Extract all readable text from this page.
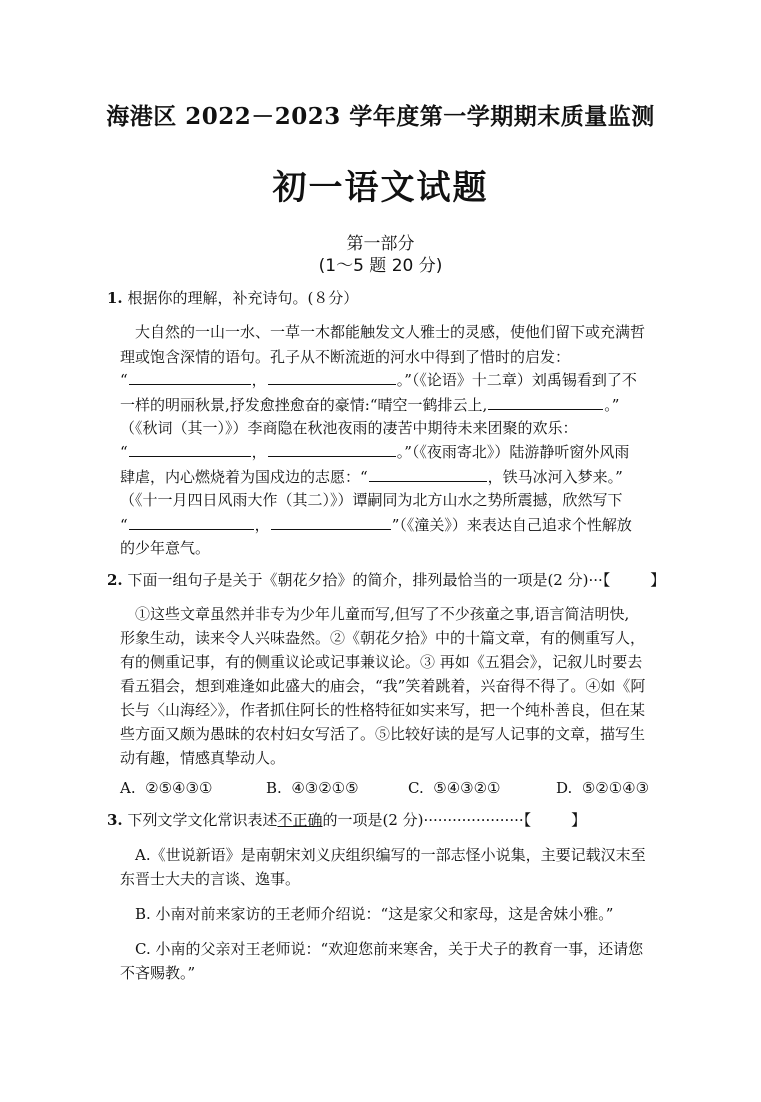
海港区 2022－2023 学年度第一学期期末质量监测
初一语文试题
第一部分
(1～5 题 20 分)
1. 根据你的理解，补充诗句。(８分）
大自然的一山一水、一草一木都能触发文人雅士的灵感，使他们留下或充满哲
理或饱含深情的语句。孔子从不断流逝的河水中得到了惜时的启发：
“	，	。”（《论语》十二章）刘禹锡看到了不
一样的明丽秋景,抒发愈挫愈奋的豪情:“晴空一鹤排云上,	。”
（《秋词（其一）》）李商隐在秋池夜雨的凄苦中期待未来团聚的欢乐：
“	，	。”（《夜雨寄北》）陆游静听窗外风雨
肆虐，内心燃烧着为国戍边的志愿：“	，铁马冰河入梦来。”
（《十一月四日风雨大作（其二）》）谭嗣同为北方山水之势所震撼，欣然写下
“	，	”（《潼关》）来表达自己追求个性解放
的少年意气。
2. 下面一组句子是关于《朝花夕拾》的简介，排列最恰当的一项是(2 分)···【	】
①这些文章虽然并非专为少年儿童而写,但写了不少孩童之事,语言简洁明快,
形象生动，读来令人兴味盎然。②《朝花夕拾》中的十篇文章，有的侧重写人，
有的侧重记事，有的侧重议论或记事兼议论。③ 再如《五猖会》，记叙儿时要去
看五猖会，想到难逢如此盛大的庙会，“我”笑着跳着，兴奋得不得了。④如《阿
长与〈山海经〉》，作者抓住阿长的性格特征如实来写，把一个纯朴善良，但在某
些方面又颇为愚昧的农村妇女写活了。⑤比较好读的是写人记事的文章，描写生
动有趣，情感真挚动人。
A. ②⑤④③①	B. ④③②①⑤	C. ⑤④③②①	D. ⑤②①④③
3. 下列文学文化常识表述不正确的一项是(2 分)·····················【	】
A.《世说新语》是南朝宋刘义庆组织编写的一部志怪小说集，主要记载汉末至
东晋士大夫的言谈、逸事。
B. 小南对前来家访的王老师介绍说：“这是家父和家母，这是舍妹小雅。”
C. 小南的父亲对王老师说：“欢迎您前来寒舍，关于犬子的教育一事，还请您
不吝赐教。”
